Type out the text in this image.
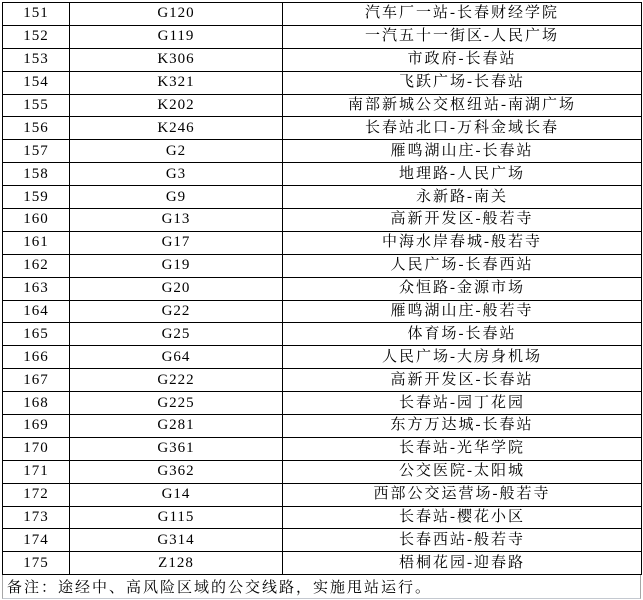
151	G120	汽车厂一站-长春财经学院
152	G119	一汽五十一街区-人民广场
153	K306	市政府-长春站
154	K321	飞跃广场-长春站
155	K202	南部新城公交枢纽站-南湖广场
156	K246	长春站北口-万科金域长春
157	G2	雁鸣湖山庄-长春站
158	G3	地理路-人民广场
159	G9	永新路-南关
160	G13	高新开发区-般若寺
161	G17	中海水岸春城-般若寺
162	G19	人民广场-长春西站
163	G20	众恒路-金源市场
164	G22	雁鸣湖山庄-般若寺
165	G25	体育场-长春站
166	G64	人民广场-大房身机场
167	G222	高新开发区-长春站
168	G225	长春站-园丁花园
169	G281	东方万达城-长春站
170	G361	长春站-光华学院
171	G362	公交医院-太阳城
172	G14	西部公交运营场-般若寺
173	G115	长春站-樱花小区
174	G314	长春西站-般若寺
175	Z128	梧桐花园-迎春路
备注：途经中、高风险区域的公交线路，实施甩站运行。
